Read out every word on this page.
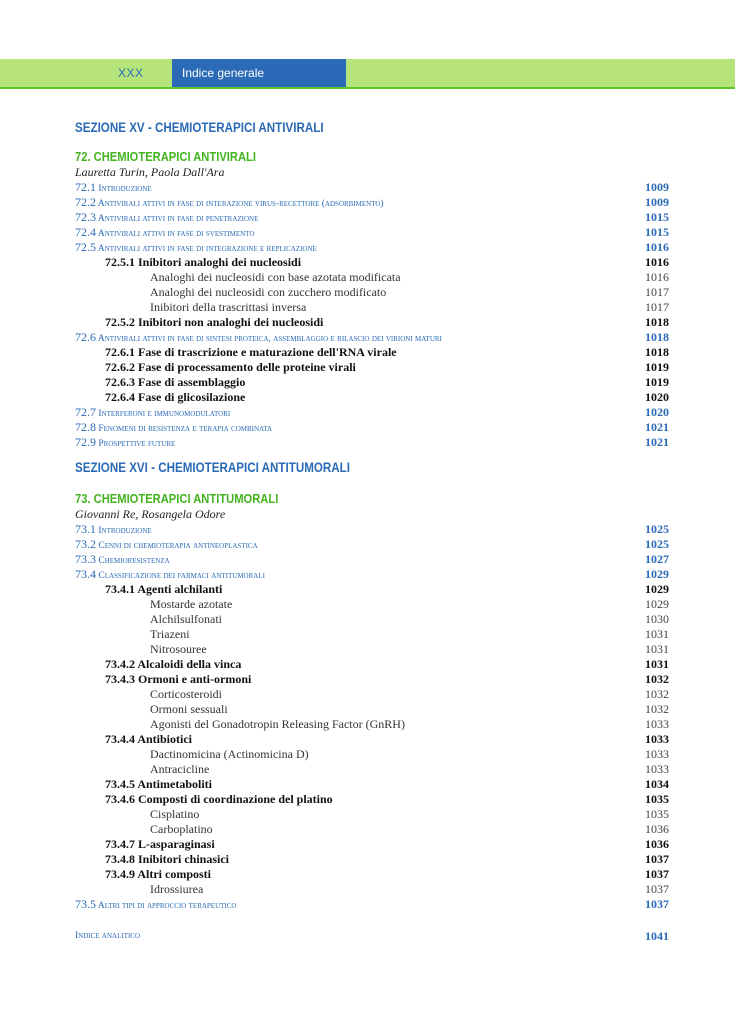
XXX	Indice generale
SEZIONE XV - CHEMIOTERAPICI ANTIVIRALI
72. CHEMIOTERAPICI ANTIVIRALI
Lauretta Turin, Paola Dall'Ara
72.1 Introduzione	1009
72.2 Antivirali attivi in fase di interazione virus-recettore (adsorbimento)	1009
72.3 Antivirali attivi in fase di penetrazione	1015
72.4 Antivirali attivi in fase di svestimento	1015
72.5 Antivirali attivi in fase di integrazione e replicazione	1016
72.5.1 Inibitori analoghi dei nucleosidi	1016
Analoghi dei nucleosidi con base azotata modificata	1016
Analoghi dei nucleosidi con zucchero modificato	1017
Inibitori della trascrittasi inversa	1017
72.5.2 Inibitori non analoghi dei nucleosidi	1018
72.6 Antivirali attivi in fase di sintesi proteica, assemblaggio e rilascio dei virioni maturi	1018
72.6.1 Fase di trascrizione e maturazione dell'RNA virale	1018
72.6.2 Fase di processamento delle proteine virali	1019
72.6.3 Fase di assemblaggio	1019
72.6.4 Fase di glicosilazione	1020
72.7 Interferoni e immunomodulatori	1020
72.8 Fenomeni di resistenza e terapia combinata	1021
72.9 Prospettive future	1021
SEZIONE XVI - CHEMIOTERAPICI ANTITUMORALI
73. CHEMIOTERAPICI ANTITUMORALI
Giovanni Re, Rosangela Odore
73.1 Introduzione	1025
73.2 Cenni di chemioterapia antineoplastica	1025
73.3 Chemioresistenza	1027
73.4 Classificazione dei farmaci antitumorali	1029
73.4.1 Agenti alchilanti	1029
Mostarde azotate	1029
Alchilsulfonati	1030
Triazeni	1031
Nitrosouree	1031
73.4.2 Alcaloidi della vinca	1031
73.4.3 Ormoni e anti-ormoni	1032
Corticosteroidi	1032
Ormoni sessuali	1032
Agonisti del Gonadotropin Releasing Factor (GnRH)	1033
73.4.4 Antibiotici	1033
Dactinomicina (Actinomicina D)	1033
Antracicline	1033
73.4.5 Antimetaboliti	1034
73.4.6 Composti di coordinazione del platino	1035
Cisplatino	1035
Carboplatino	1036
73.4.7 L-asparaginasi	1036
73.4.8 Inibitori chinasici	1037
73.4.9 Altri composti	1037
Idrossiurea	1037
73.5 Altri tipi di approccio terapeutico	1037
Indice analitico	1041
